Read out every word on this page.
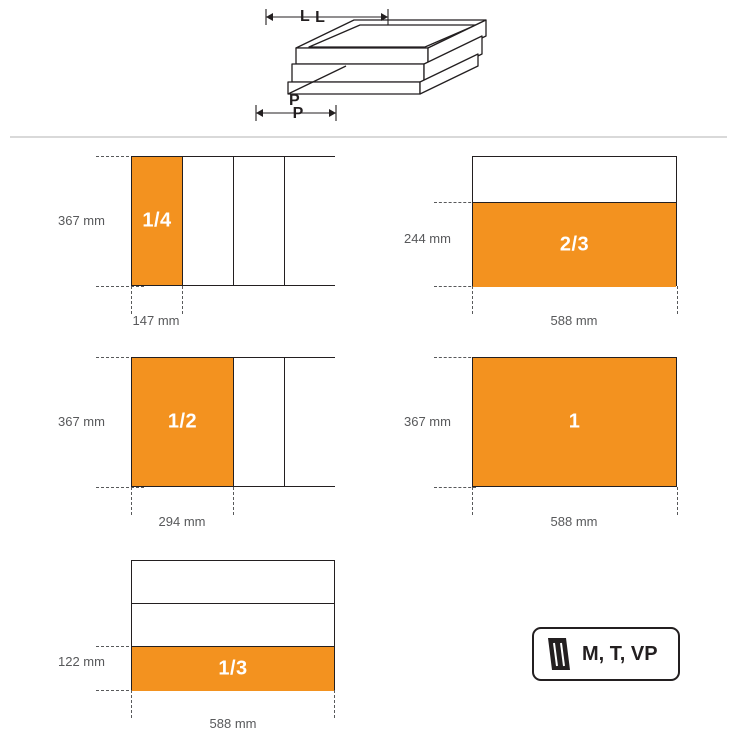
L
P
L
P
1/4
367 mm
147 mm
2/3
244 mm
588 mm
1/2
367 mm
294 mm
1
367 mm
588 mm
1/3
122 mm
588 mm
M, T, VP
